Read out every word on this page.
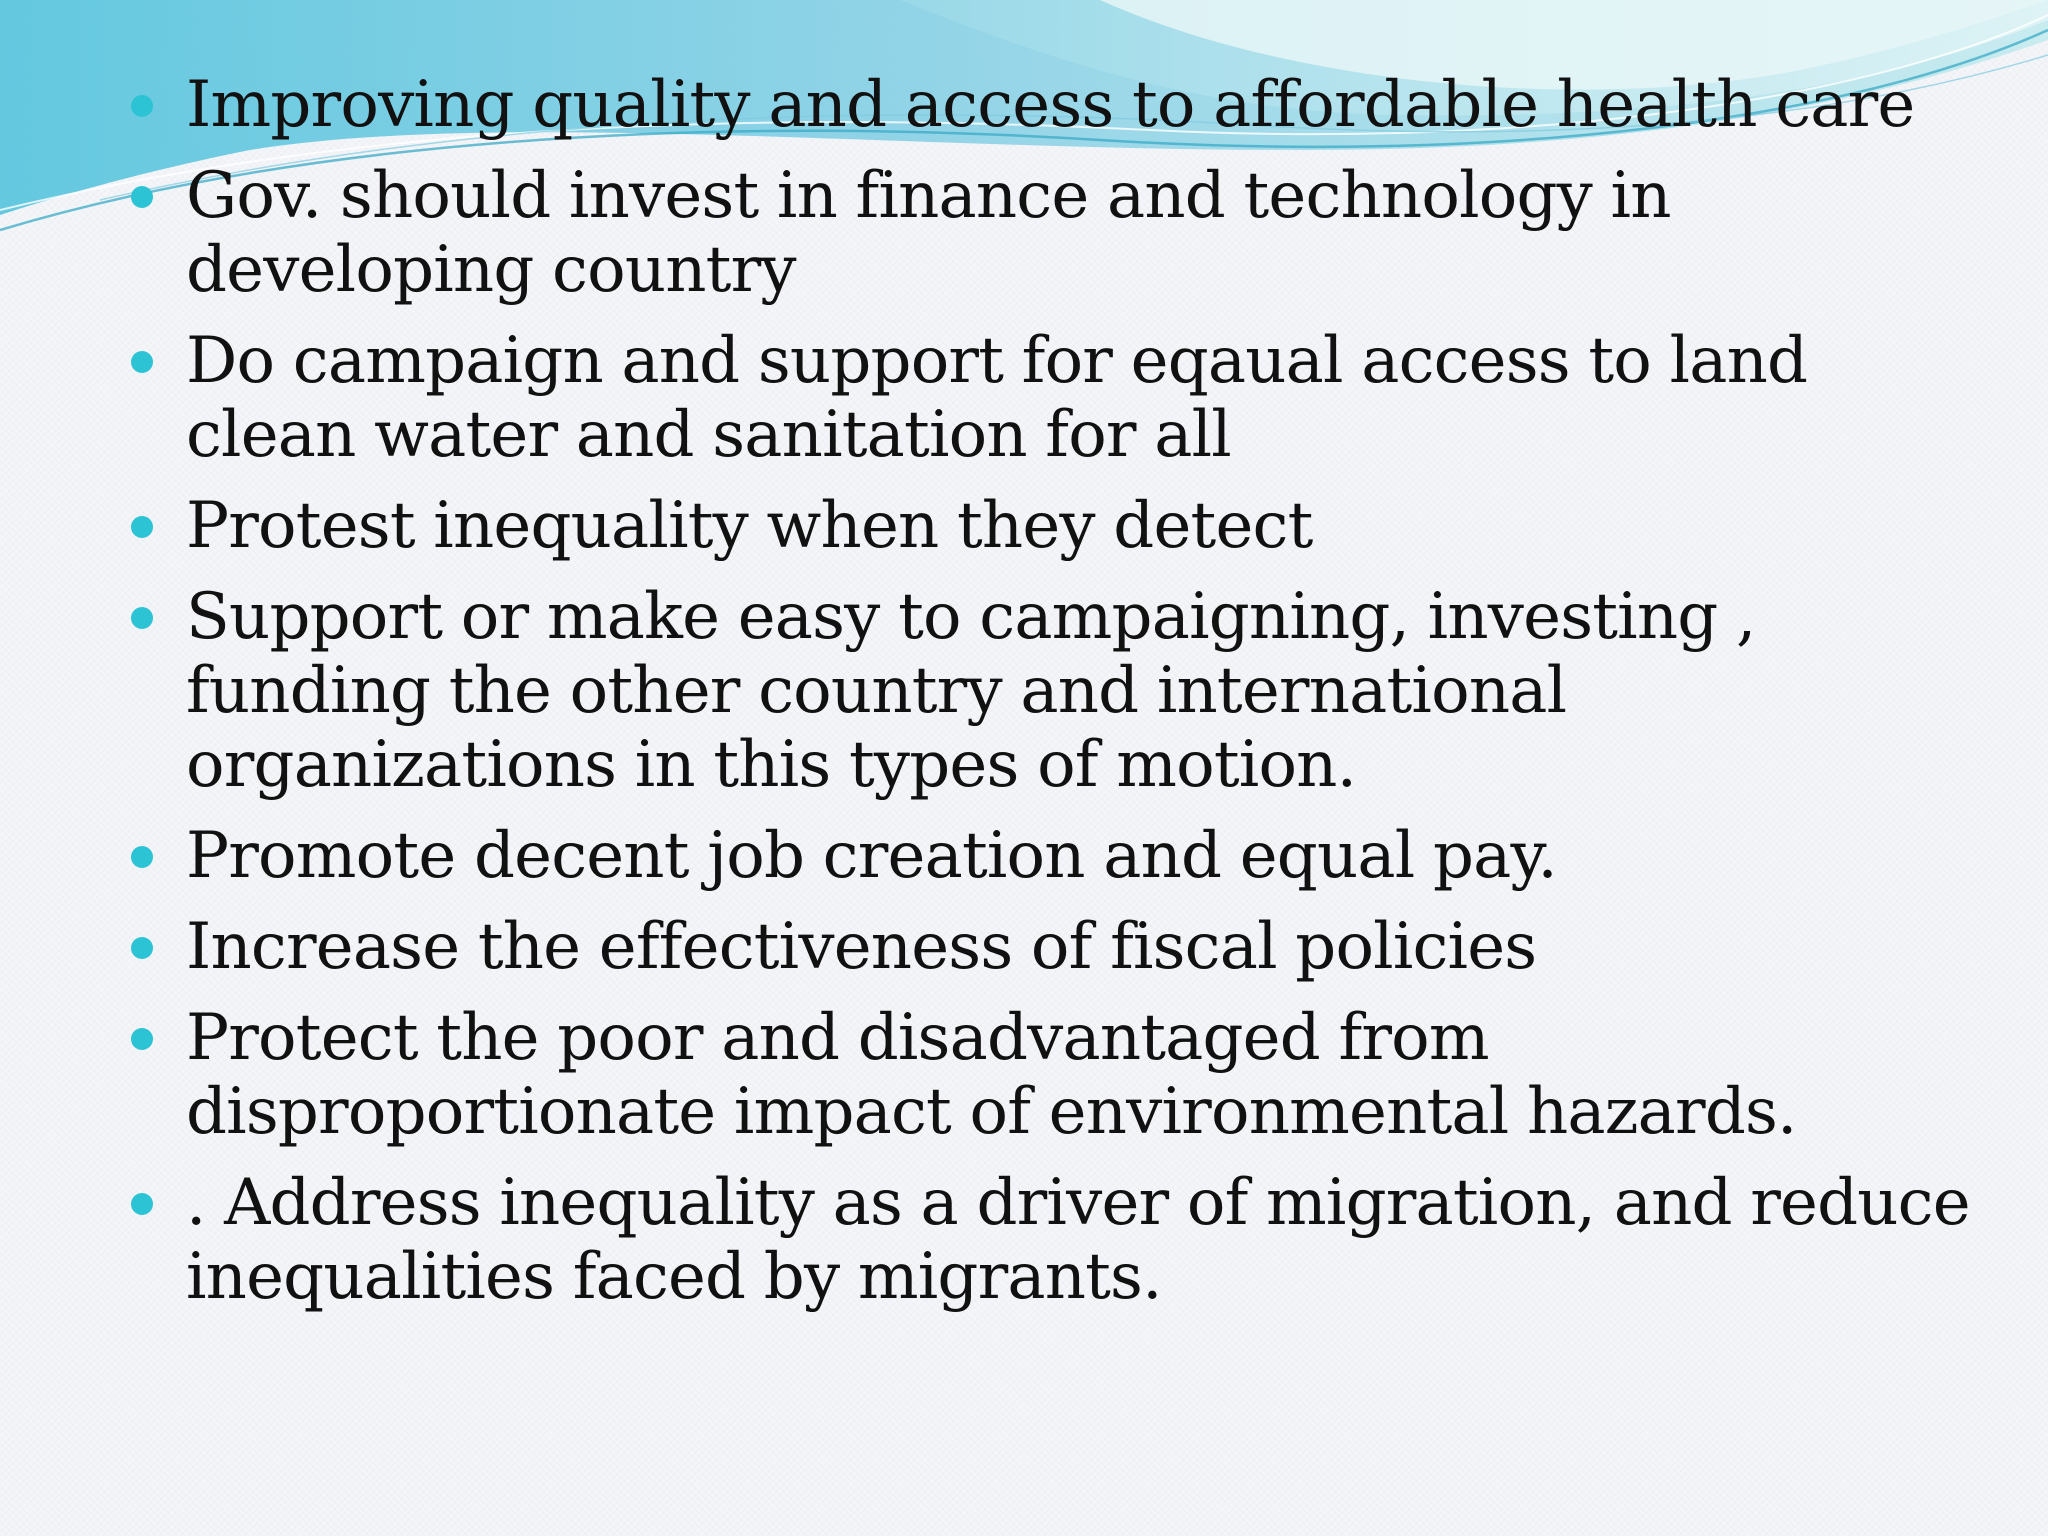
Improving quality and access to affordable health care
Gov. should invest in finance and technology in developing country
Do campaign and support for eqaual access to land clean water and sanitation for all
Protest inequality when they detect
Support or make easy to campaigning, investing , funding the other country and international organizations in this types of motion.
Promote decent job creation and equal pay.
Increase the effectiveness of fiscal policies
Protect the poor and disadvantaged from disproportionate impact of environmental hazards.
. Address inequality as a driver of migration, and reduce inequalities faced by migrants.
